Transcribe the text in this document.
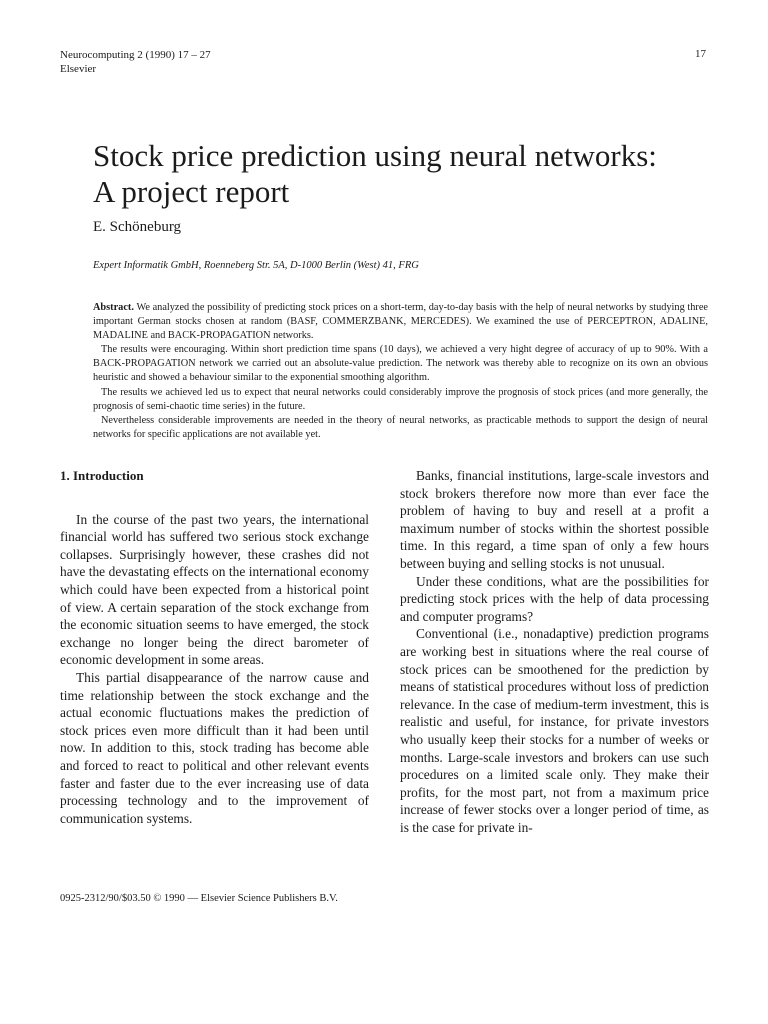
Neurocomputing 2 (1990) 17 – 27
Elsevier
17
Stock price prediction using neural networks:
A project report
E. Schöneburg
Expert Informatik GmbH, Roenneberg Str. 5A, D-1000 Berlin (West) 41, FRG

Abstract. We analyzed the possibility of predicting stock prices on a short-term, day-to-day basis with the help of neural networks by studying three important German stocks chosen at random (BASF, COMMERZBANK, MERCEDES). We examined the use of PERCEPTRON, ADALINE, MADALINE and BACK-PROPAGATION networks.

The results were encouraging. Within short prediction time spans (10 days), we achieved a very hight degree of accuracy of up to 90%. With a BACK-PROPAGATION network we carried out an absolute-value prediction. The network was thereby able to recognize on its own an obvious heuristic and showed a behaviour similar to the exponential smoothing algorithm.

The results we achieved led us to expect that neural networks could considerably improve the prognosis of stock prices (and more generally, the prognosis of semi-chaotic time series) in the future.

Nevertheless considerable improvements are needed in the theory of neural networks, as practicable methods to support the design of neural networks for specific applications are not available yet.

1. Introduction

In the course of the past two years, the international financial world has suffered two serious stock exchange collapses. Surprisingly however, these crashes did not have the devastating effects on the international economy which could have been expected from a historical point of view. A certain separation of the stock exchange from the economic situation seems to have emerged, the stock exchange no longer being the direct barometer of economic development in some areas.

This partial disappearance of the narrow cause and time relationship between the stock exchange and the actual economic fluctuations makes the prediction of stock prices even more difficult than it had been until now. In addition to this, stock trading has become able and forced to react to political and other relevant events faster and faster due to the ever increasing use of data processing technology and to the improvement of communication systems.

Banks, financial institutions, large-scale investors and stock brokers therefore now more than ever face the problem of having to buy and resell at a profit a maximum number of stocks within the shortest possible time. In this regard, a time span of only a few hours between buying and selling stocks is not unusual.

Under these conditions, what are the possibilities for predicting stock prices with the help of data processing and computer programs?

Conventional (i.e., nonadaptive) prediction programs are working best in situations where the real course of stock prices can be smoothened for the prediction by means of statistical procedures without loss of prediction relevance. In the case of medium-term investment, this is realistic and useful, for instance, for private investors who usually keep their stocks for a number of weeks or months. Large-scale investors and brokers can use such procedures on a limited scale only. They make their profits, for the most part, not from a maximum price increase of fewer stocks over a longer period of time, as is the case for private in-

0925-2312/90/$03.50 © 1990 — Elsevier Science Publishers B.V.
